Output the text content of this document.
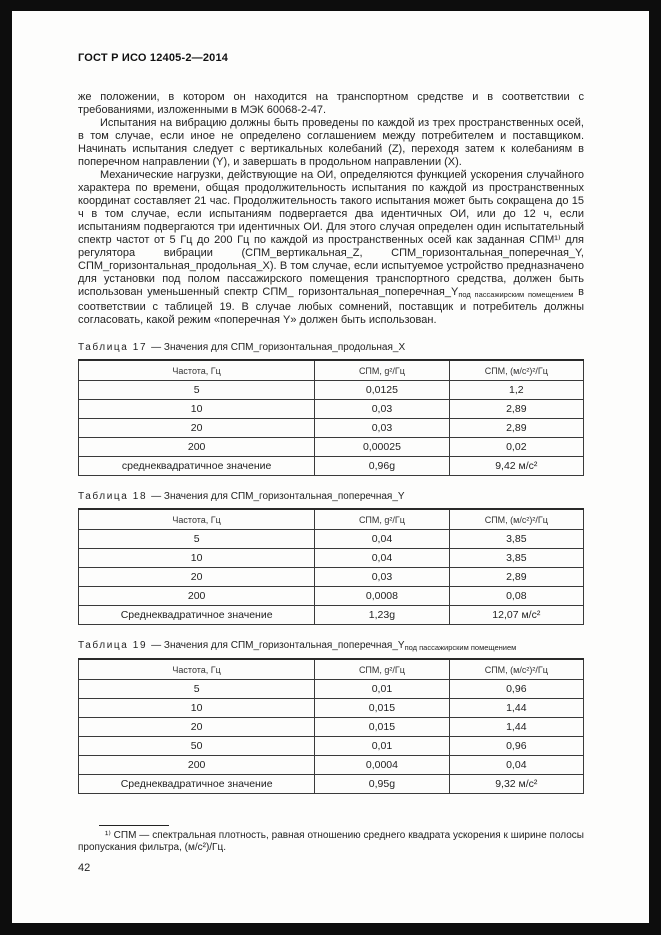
ГОСТ Р ИСО 12405-2—2014

же положении, в котором он находится на транспортном средстве и в соответствии с требованиями, изложенными в МЭК 60068-2-47.

Испытания на вибрацию должны быть проведены по каждой из трех пространственных осей, в том случае, если иное не определено соглашением между потребителем и поставщиком. Начинать испытания следует с вертикальных колебаний (Z), переходя затем к колебаниям в поперечном направлении (Y), и завершать в продольном направлении (X).

Механические нагрузки, действующие на ОИ, определяются функцией ускорения случайного характера по времени, общая продолжительность испытания по каждой из пространственных координат составляет 21 час. Продолжительность такого испытания может быть сокращена до 15 ч в том случае, если испытаниям подвергается два идентичных ОИ, или до 12 ч, если испытаниям подвергаются три идентичных ОИ. Для этого случая определен один испытательный спектр частот от 5 Гц до 200 Гц по каждой из пространственных осей как заданная СПМ¹⁾ для регулятора вибрации (СПМ_вертикальная_Z, СПМ_горизонтальная_поперечная_Y, СПМ_горизонтальная_продольная_X). В том случае, если испытуемое устройство предназначено для установки под полом пассажирского помещения транспортного средства, должен быть использован уменьшенный спектр СПМ_ $горизонтальная\_поперечная\_Y_{под пассажирским помещением}$ в соответствии с таблицей 19. В случае любых сомнений, поставщик и потребитель должны согласовать, какой режим «поперечная Y» должен быть использован.

Таблица 17 — Значения для СПМ_горизонтальная_продольная_X

Частота, Гц	СПМ, g²/Гц	СПМ, (м/с²)²/Гц
5	0,0125	1,2
10	0,03	2,89
20	0,03	2,89
200	0,00025	0,02
среднеквадратичное значение	0,96g	9,42 м/с²

Таблица 18 — Значения для СПМ_горизонтальная_поперечная_Y

Частота, Гц	СПМ, g²/Гц	СПМ, (м/с²)²/Гц
5	0,04	3,85
10	0,04	3,85
20	0,03	2,89
200	0,0008	0,08
Среднеквадратичное значение	1,23g	12,07 м/с²

Таблица 19 — Значения для $СПМ\_горизонтальная\_поперечная\_Y_{под пассажирским помещением}$

Частота, Гц	СПМ, g²/Гц	СПМ, (м/с²)²/Гц
5	0,01	0,96
10	0,015	1,44
20	0,015	1,44
50	0,01	0,96
200	0,0004	0,04
Среднеквадратичное значение	0,95g	9,32 м/с²

¹⁾ СПМ — спектральная плотность, равная отношению среднего квадрата ускорения к ширине полосы пропускания фильтра, (м/с²)/Гц.

42
